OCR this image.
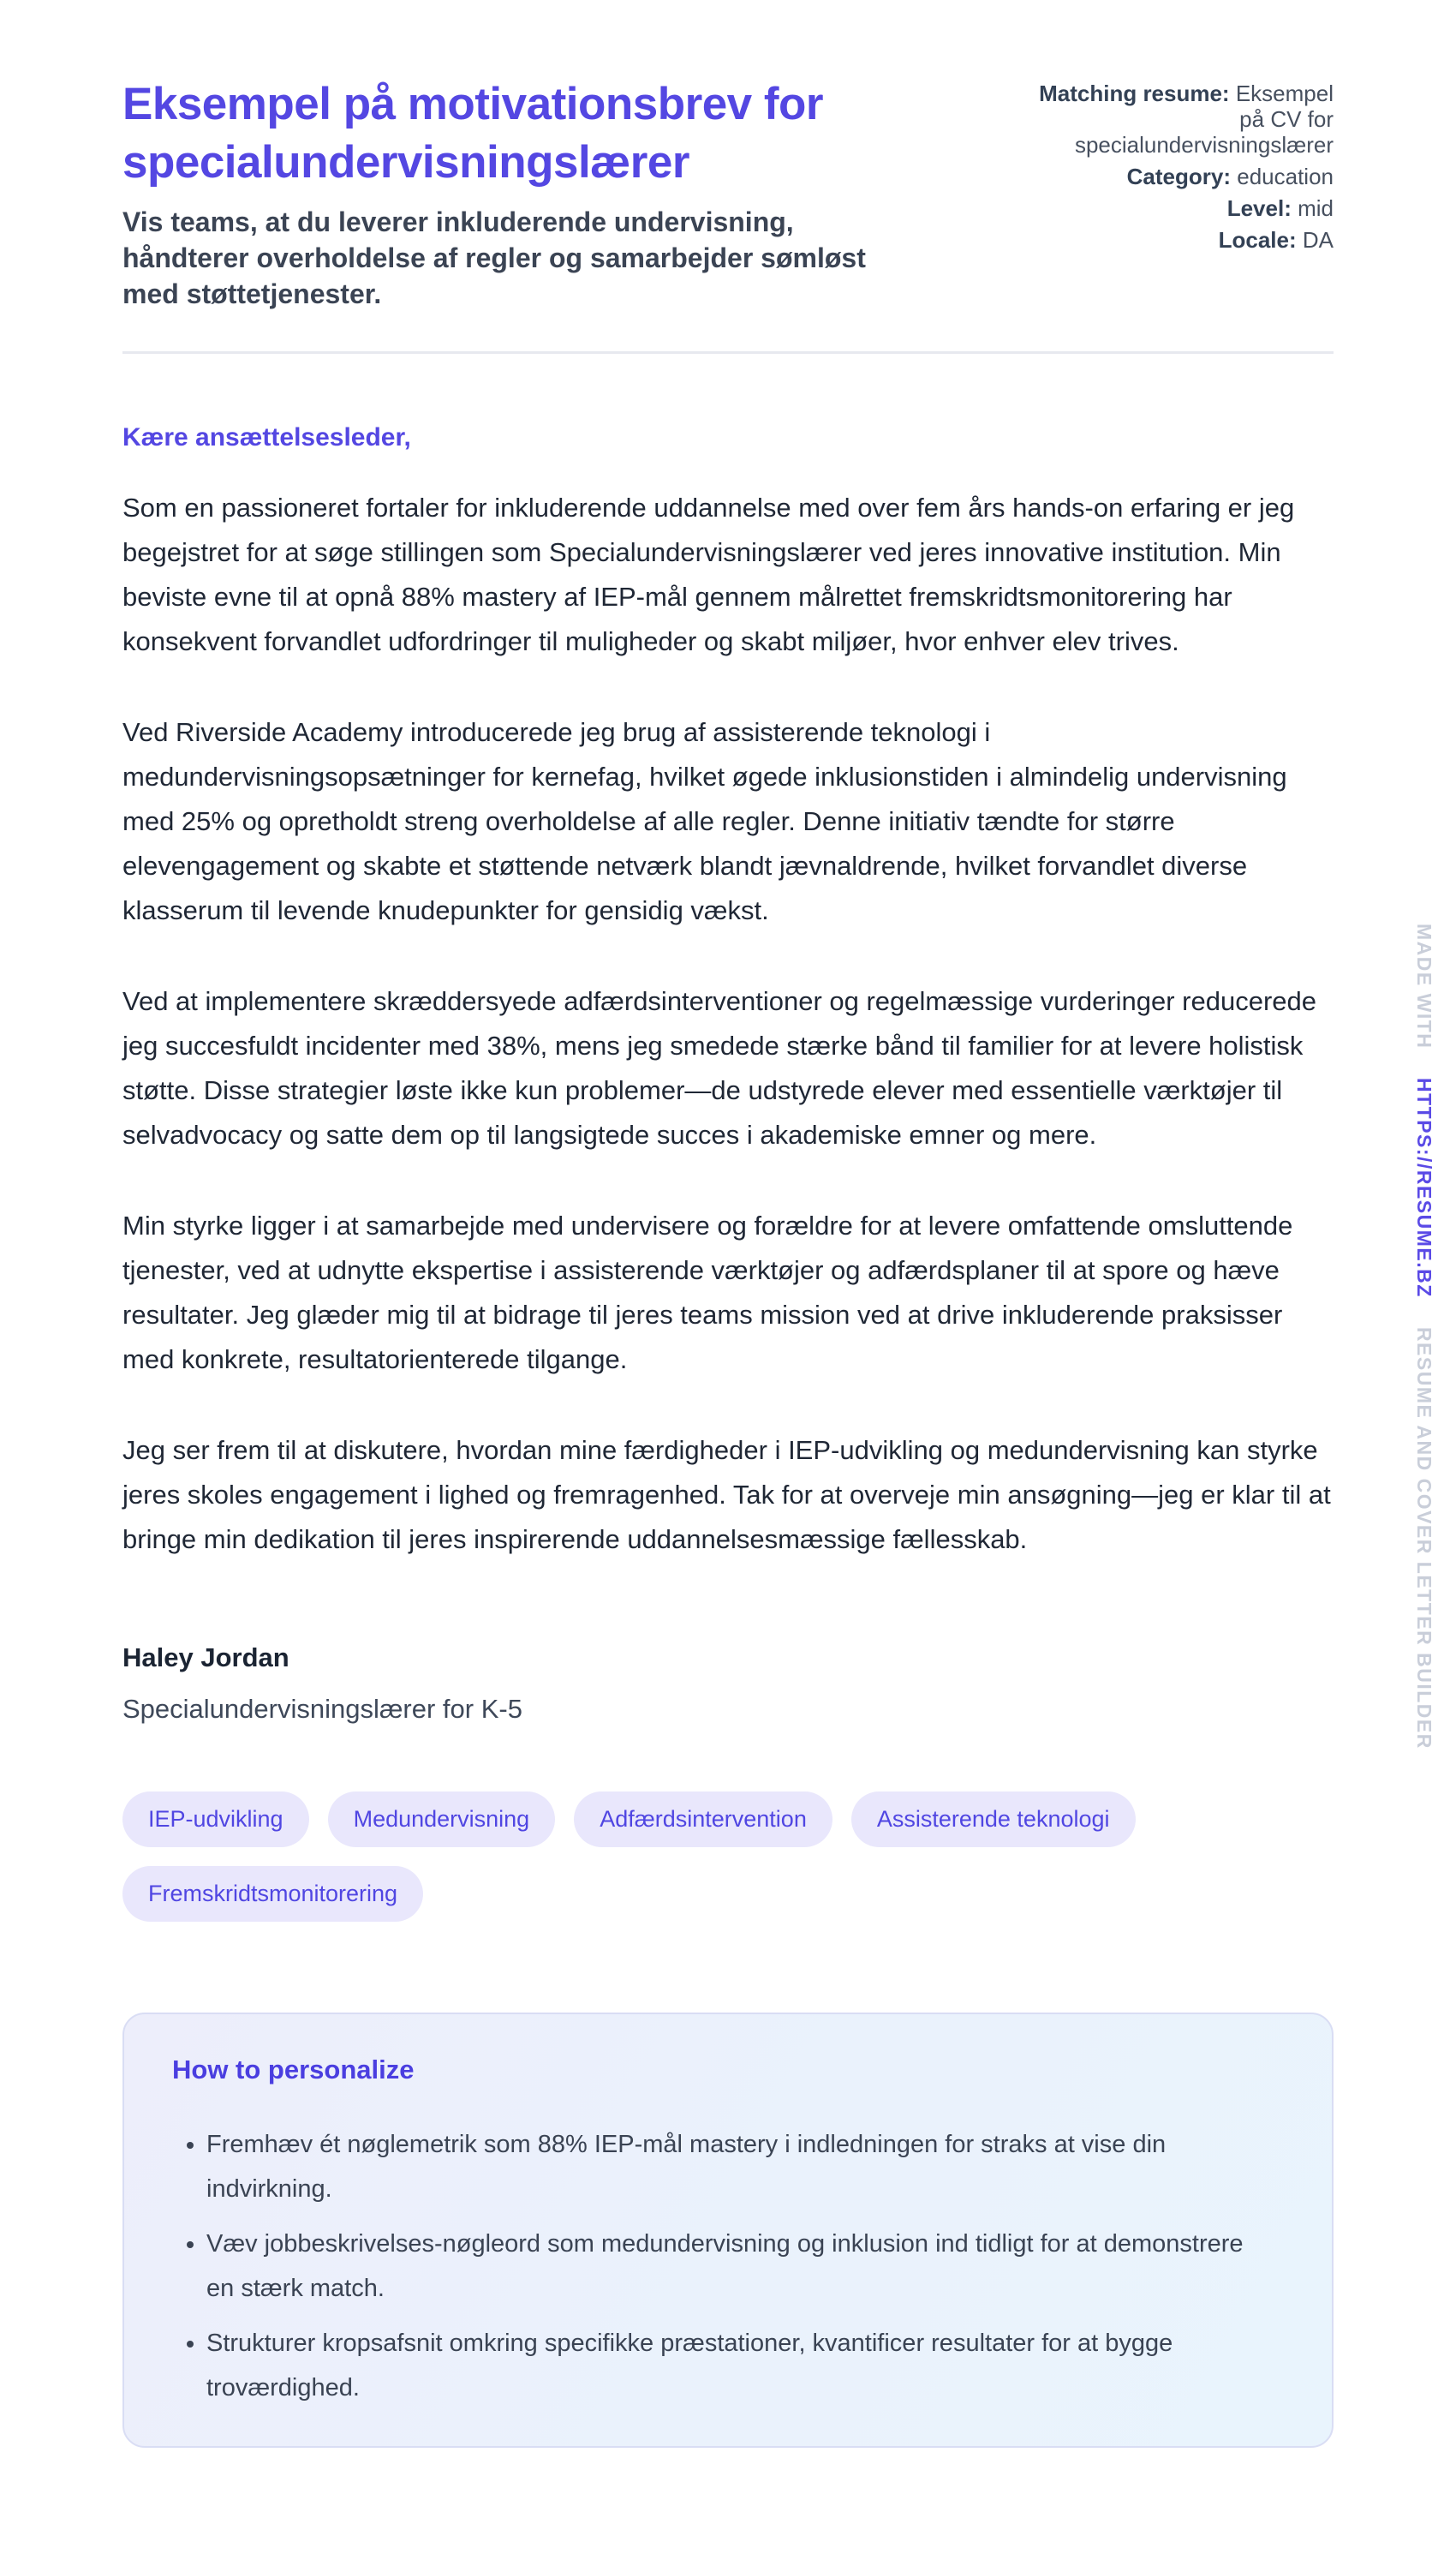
Eksempel på motivationsbrev for specialundervisningslærer

Vis teams, at du leverer inkluderende undervisning, håndterer overholdelse af regler og samarbejder sømløst med støttetjenester.

Matching resume: Eksempel på CV for specialundervisningslærer
Category: education
Level: mid
Locale: DA

Kære ansættelsesleder,

Som en passioneret fortaler for inkluderende uddannelse med over fem års hands-on erfaring er jeg begejstret for at søge stillingen som Specialundervisningslærer ved jeres innovative institution. Min beviste evne til at opnå 88% mastery af IEP-mål gennem målrettet fremskridtsmonitorering har konsekvent forvandlet udfordringer til muligheder og skabt miljøer, hvor enhver elev trives.

Ved Riverside Academy introducerede jeg brug af assisterende teknologi i medundervisningsopsætninger for kernefag, hvilket øgede inklusionstiden i almindelig undervisning med 25% og opretholdt streng overholdelse af alle regler. Denne initiativ tændte for større elevengagement og skabte et støttende netværk blandt jævnaldrende, hvilket forvandlet diverse klasserum til levende knudepunkter for gensidig vækst.

Ved at implementere skræddersyede adfærdsinterventioner og regelmæssige vurderinger reducerede jeg succesfuldt incidenter med 38%, mens jeg smedede stærke bånd til familier for at levere holistisk støtte. Disse strategier løste ikke kun problemer—de udstyrede elever med essentielle værktøjer til selvadvocacy og satte dem op til langsigtede succes i akademiske emner og mere.

Min styrke ligger i at samarbejde med undervisere og forældre for at levere omfattende omsluttende tjenester, ved at udnytte ekspertise i assisterende værktøjer og adfærdsplaner til at spore og hæve resultater. Jeg glæder mig til at bidrage til jeres teams mission ved at drive inkluderende praksisser med konkrete, resultatorienterede tilgange.

Jeg ser frem til at diskutere, hvordan mine færdigheder i IEP-udvikling og medundervisning kan styrke jeres skoles engagement i lighed og fremragenhed. Tak for at overveje min ansøgning—jeg er klar til at bringe min dedikation til jeres inspirerende uddannelsesmæssige fællesskab.

Haley Jordan

Specialundervisningslærer for K-5

IEP-udvikling	Medundervisning	Adfærdsintervention	Assisterende teknologi
Fremskridtsmonitorering
How to personalize
• Fremhæv ét nøglemetrik som 88% IEP-mål mastery i indledningen for straks at vise din indvirkning.
• Væv jobbeskrivelses-nøgleord som medundervisning og inklusion ind tidligt for at demonstrere en stærk match.
• Strukturer kropsafsnit omkring specifikke præstationer, kvantificer resultater for at bygge troværdighed.
MADE WITH HTTPS://RESUME.BZ RESUME AND COVER LETTER BUILDER
